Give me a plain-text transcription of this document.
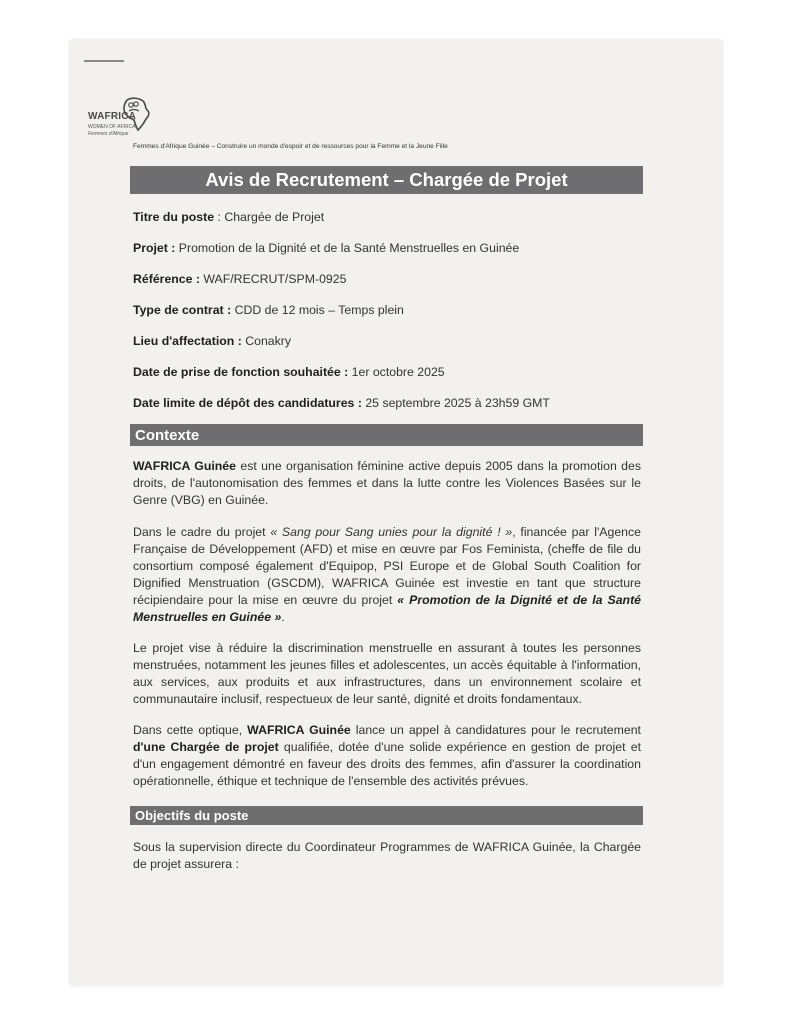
WAFRICA
WOMEN OF AFRICA
Femmes d'Afrique
Femmes d'Afrique Guinée – Construire un monde d'espoir et de ressources pour la Femme et la Jeune Fille
Avis de Recrutement – Chargée de Projet
Titre du poste : Chargée de Projet
Projet : Promotion de la Dignité et de la Santé Menstruelles en Guinée
Référence : WAF/RECRUT/SPM-0925
Type de contrat : CDD de 12 mois – Temps plein
Lieu d'affectation : Conakry
Date de prise de fonction souhaitée : 1er octobre 2025
Date limite de dépôt des candidatures : 25 septembre 2025 à 23h59 GMT
Contexte
WAFRICA Guinée est une organisation féminine active depuis 2005 dans la promotion des droits, de l'autonomisation des femmes et dans la lutte contre les Violences Basées sur le Genre (VBG) en Guinée.
Dans le cadre du projet « Sang pour Sang unies pour la dignité ! », financée par l'Agence Française de Développement (AFD) et mise en œuvre par Fos Feminista, (cheffe de file du consortium composé également d'Equipop, PSI Europe et de Global South Coalition for Dignified Menstruation (GSCDM), WAFRICA Guinée est investie en tant que structure récipiendaire pour la mise en œuvre du projet « Promotion de la Dignité et de la Santé Menstruelles en Guinée ».
Le projet vise à réduire la discrimination menstruelle en assurant à toutes les personnes menstruées, notamment les jeunes filles et adolescentes, un accès équitable à l'information, aux services, aux produits et aux infrastructures, dans un environnement scolaire et communautaire inclusif, respectueux de leur santé, dignité et droits fondamentaux.
Dans cette optique, WAFRICA Guinée lance un appel à candidatures pour le recrutement d'une Chargée de projet qualifiée, dotée d'une solide expérience en gestion de projet et d'un engagement démontré en faveur des droits des femmes, afin d'assurer la coordination opérationnelle, éthique et technique de l'ensemble des activités prévues.
Objectifs du poste
Sous la supervision directe du Coordinateur Programmes de WAFRICA Guinée, la Chargée de projet assurera :
